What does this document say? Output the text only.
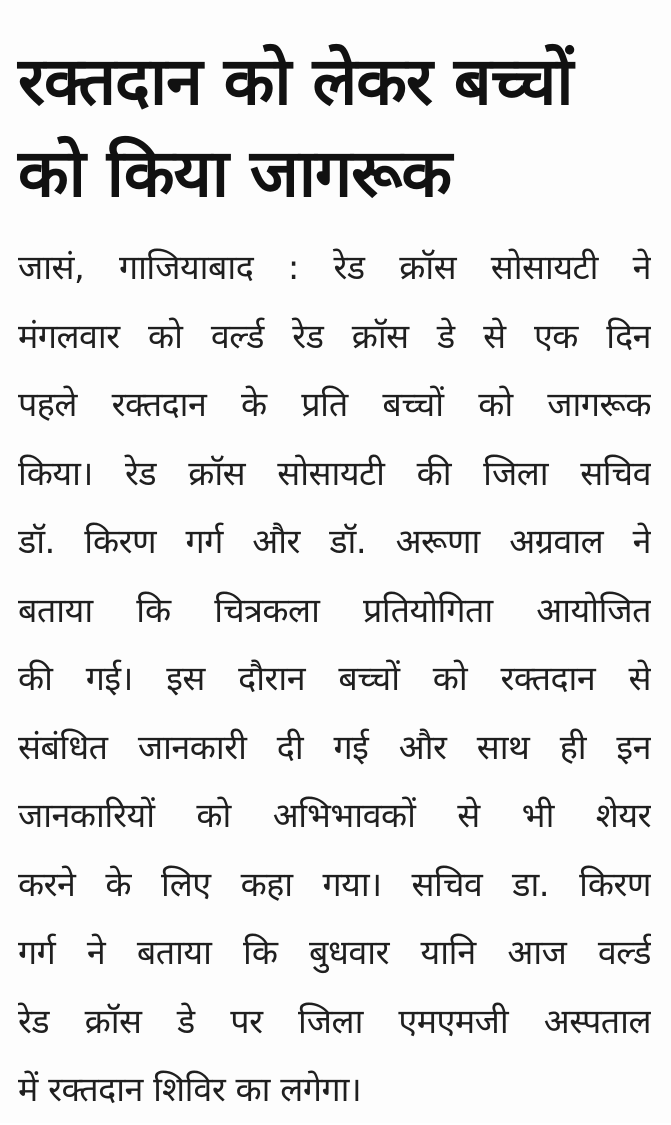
रक्तदान को लेकर बच्चों
को किया जागरूक
जासं, गाजियाबाद : रेड क्रॉस सोसायटी ने
मंगलवार को वर्ल्ड रेड क्रॉस डे से एक दिन
पहले रक्तदान के प्रति बच्चों को जागरूक
किया। रेड क्रॉस सोसायटी की जिला सचिव
डॉ. किरण गर्ग और डॉ. अरूणा अग्रवाल ने
बताया कि चित्रकला प्रतियोगिता आयोजित
की गई। इस दौरान बच्चों को रक्तदान से
संबंधित जानकारी दी गई और साथ ही इन
जानकारियों को अभिभावकों से भी शेयर
करने के लिए कहा गया। सचिव डा. किरण
गर्ग ने बताया कि बुधवार यानि आज वर्ल्ड
रेड क्रॉस डे पर जिला एमएमजी अस्पताल
में रक्तदान शिविर का लगेगा।
